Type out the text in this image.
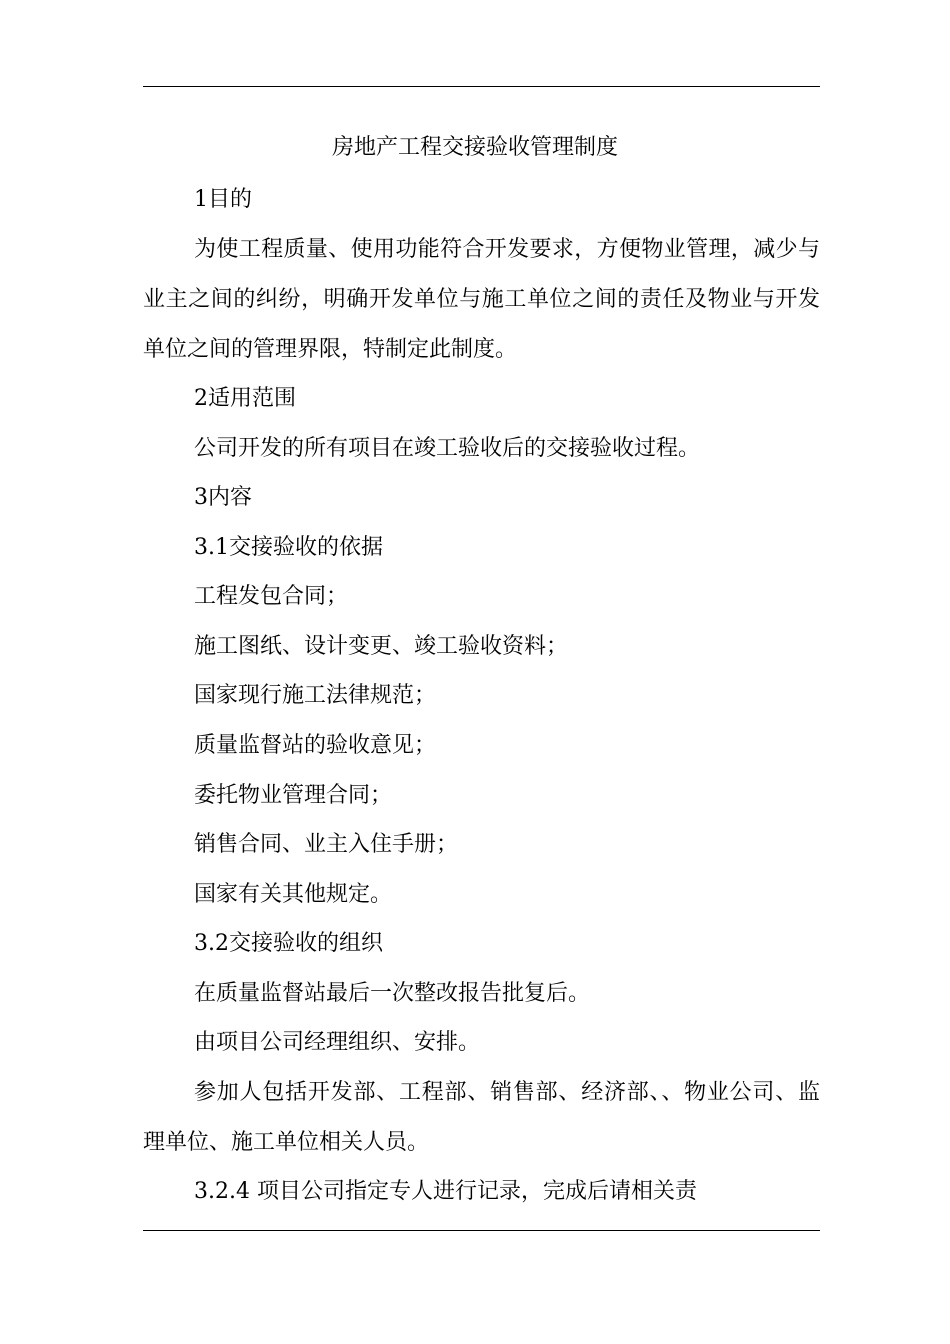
房地产工程交接验收管理制度
1目的
为使工程质量、使用功能符合开发要求，方便物业管理，减少与
业主之间的纠纷，明确开发单位与施工单位之间的责任及物业与开发
单位之间的管理界限，特制定此制度。
2适用范围
公司开发的所有项目在竣工验收后的交接验收过程。
3内容
3.1交接验收的依据
工程发包合同；
施工图纸、设计变更、竣工验收资料；
国家现行施工法律规范；
质量监督站的验收意见；
委托物业管理合同；
销售合同、业主入住手册；
国家有关其他规定。
3.2交接验收的组织
在质量监督站最后一次整改报告批复后。
由项目公司经理组织、安排。
参加人包括开发部、工程部、销售部、经济部、、物业公司、监
理单位、施工单位相关人员。
3.2.4 项目公司指定专人进行记录，完成后请相关责
